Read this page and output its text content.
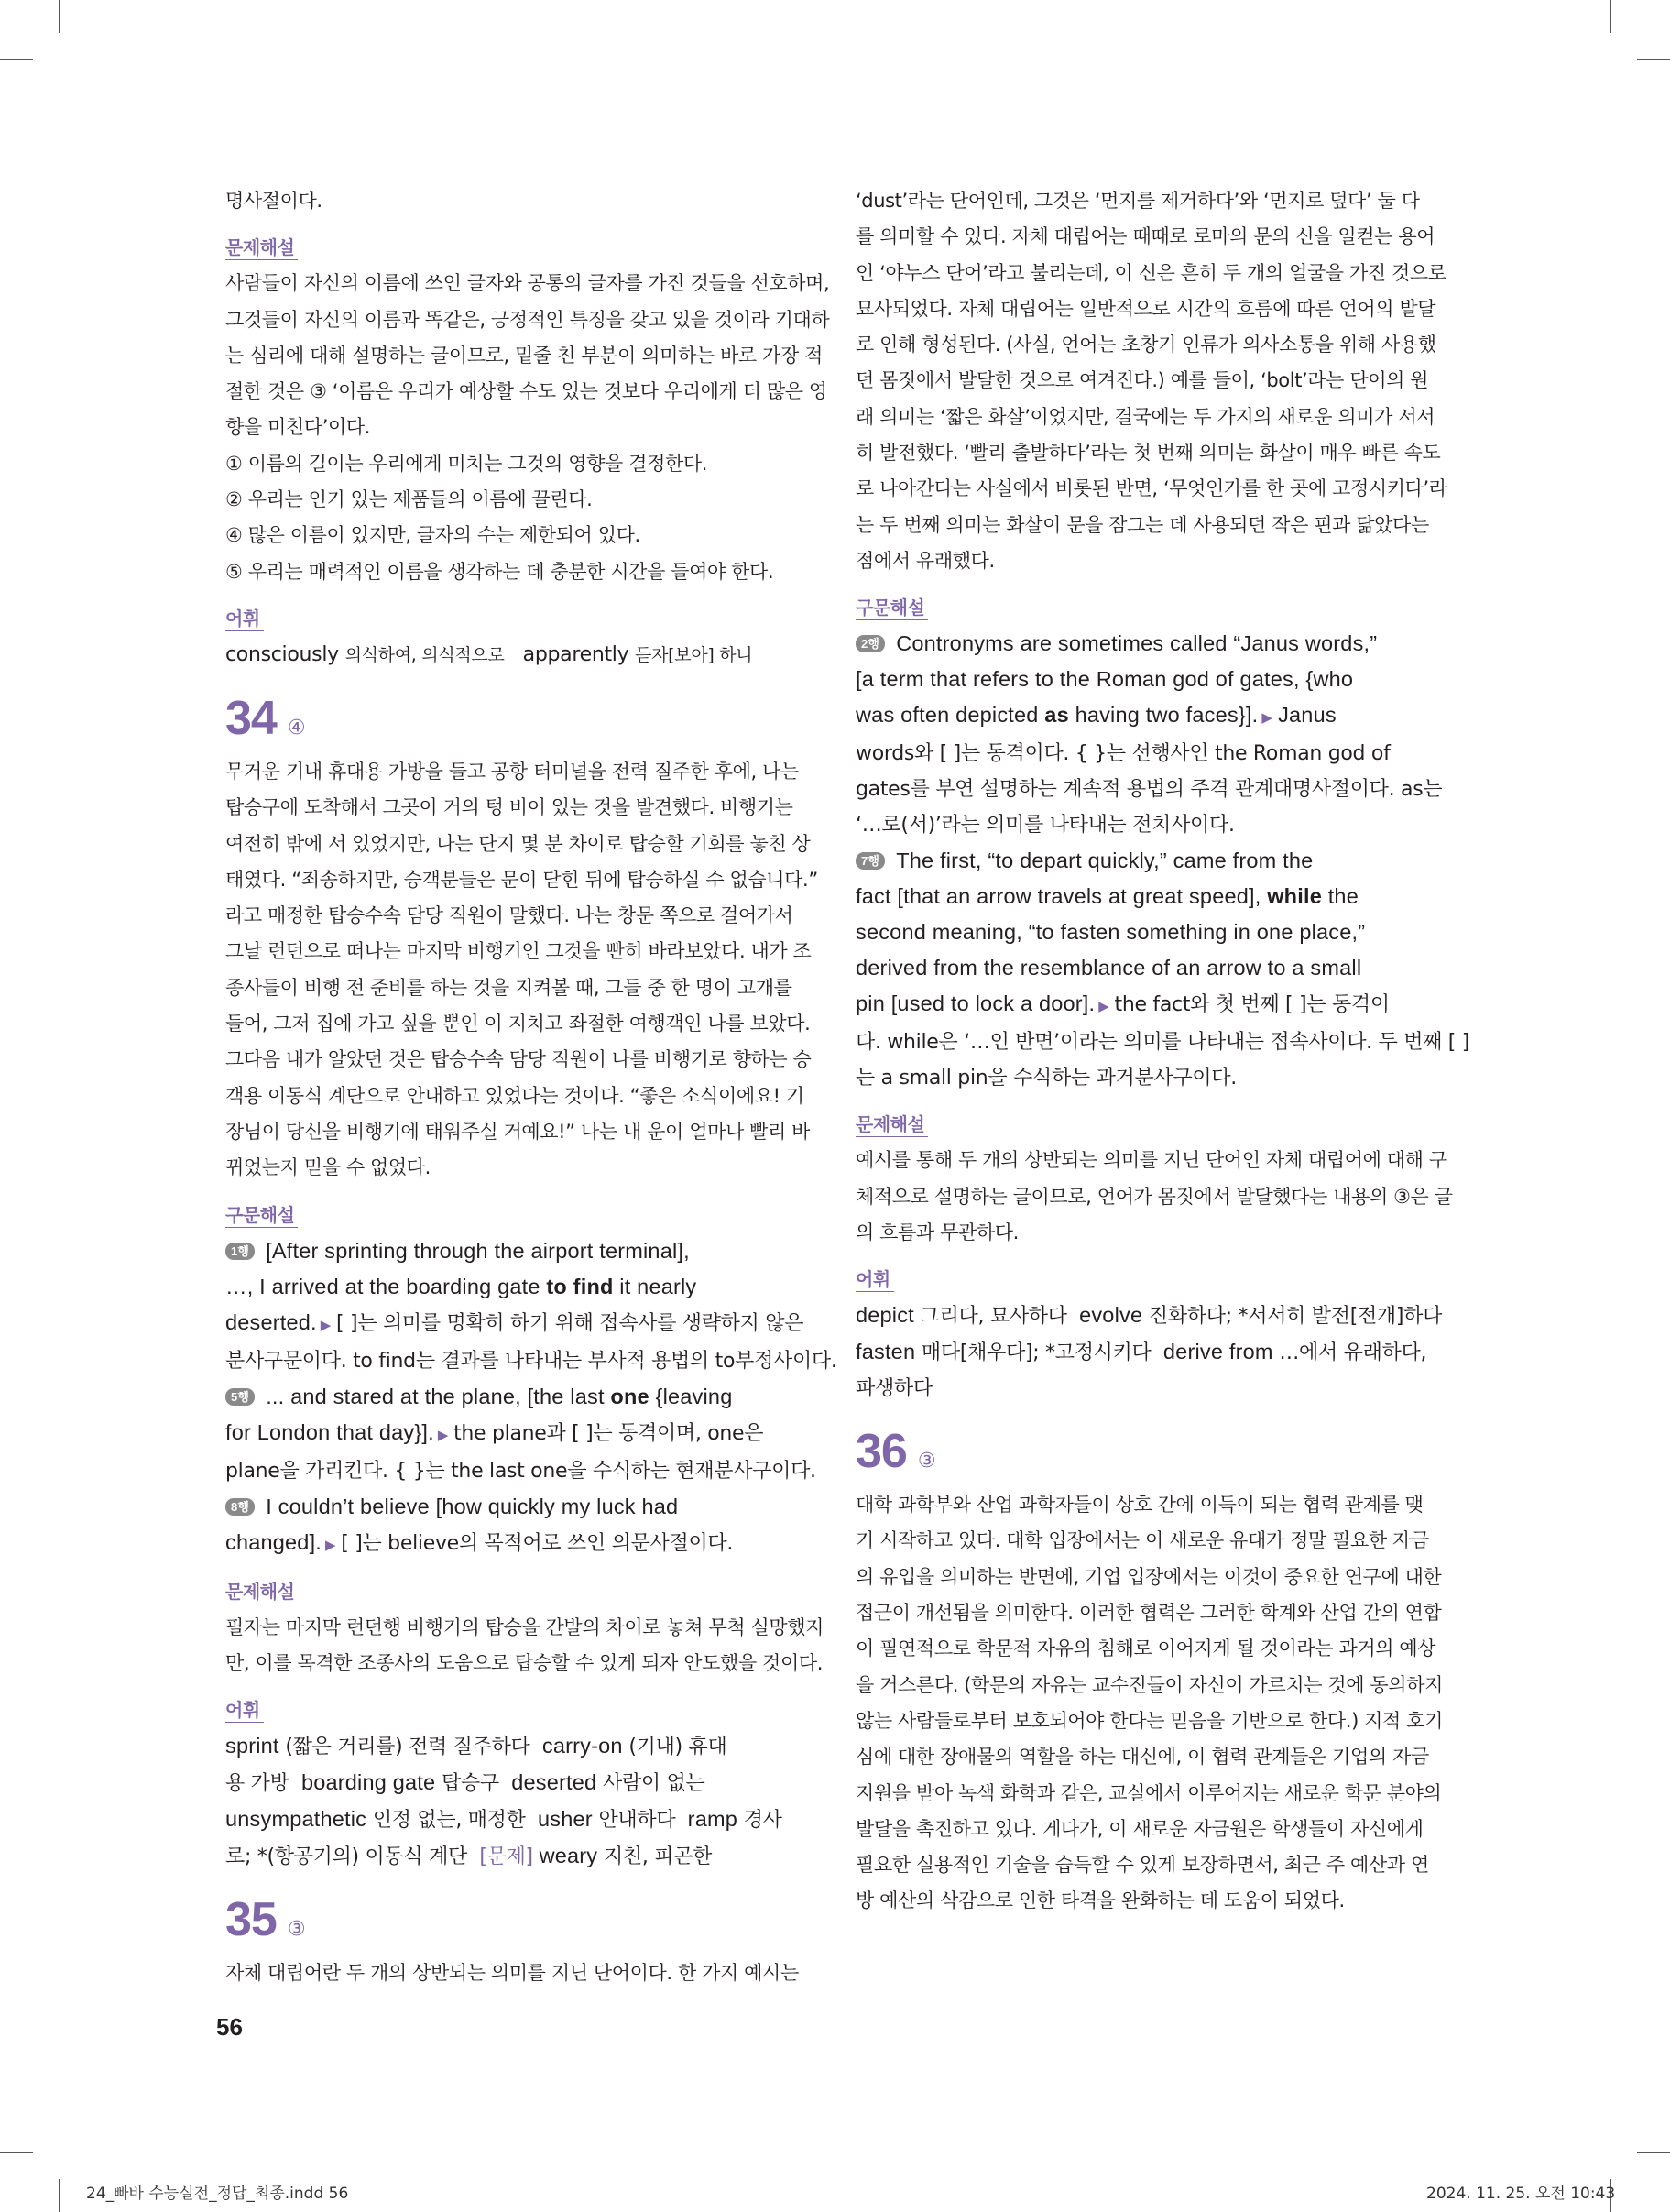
명사절이다.

문제해설

사람들이 자신의 이름에 쓰인 글자와 공통의 글자를 가진 것들을 선호하며,

그것들이 자신의 이름과 똑같은, 긍정적인 특징을 갖고 있을 것이라 기대하

는 심리에 대해 설명하는 글이므로, 밑줄 친 부분이 의미하는 바로 가장 적

절한 것은 ③ ‘이름은 우리가 예상할 수도 있는 것보다 우리에게 더 많은 영

향을 미친다’이다.

① 이름의 길이는 우리에게 미치는 그것의 영향을 결정한다.

② 우리는 인기 있는 제품들의 이름에 끌린다.

④ 많은 이름이 있지만, 글자의 수는 제한되어 있다.

⑤ 우리는 매력적인 이름을 생각하는 데 충분한 시간을 들여야 한다.

어휘

consciously 의식하여, 의식적으로 apparently 듣자[보아] 하니

34 ④

무거운 기내 휴대용 가방을 들고 공항 터미널을 전력 질주한 후에, 나는

탑승구에 도착해서 그곳이 거의 텅 비어 있는 것을 발견했다. 비행기는

여전히 밖에 서 있었지만, 나는 단지 몇 분 차이로 탑승할 기회를 놓친 상

태였다. “죄송하지만, 승객분들은 문이 닫힌 뒤에 탑승하실 수 없습니다.”

라고 매정한 탑승수속 담당 직원이 말했다. 나는 창문 쪽으로 걸어가서

그날 런던으로 떠나는 마지막 비행기인 그것을 빤히 바라보았다. 내가 조

종사들이 비행 전 준비를 하는 것을 지켜볼 때, 그들 중 한 명이 고개를

들어, 그저 집에 가고 싶을 뿐인 이 지치고 좌절한 여행객인 나를 보았다.

그다음 내가 알았던 것은 탑승수속 담당 직원이 나를 비행기로 향하는 승

객용 이동식 계단으로 안내하고 있었다는 것이다. “좋은 소식이에요! 기

장님이 당신을 비행기에 태워주실 거예요!” 나는 내 운이 얼마나 빨리 바

뀌었는지 믿을 수 없었다.

구문해설

1행 [After sprinting through the airport terminal],

…, I arrived at the boarding gate to find it nearly

deserted. ▶ [ ]는 의미를 명확히 하기 위해 접속사를 생략하지 않은

분사구문이다. to find는 결과를 나타내는 부사적 용법의 to부정사이다.

5행 ... and stared at the plane, [the last one {leaving

for London that day}]. ▶ the plane과 [ ]는 동격이며, one은

plane을 가리킨다. { }는 the last one을 수식하는 현재분사구이다.

8행 I couldn’t believe [how quickly my luck had

changed]. ▶ [ ]는 believe의 목적어로 쓰인 의문사절이다.

문제해설

필자는 마지막 런던행 비행기의 탑승을 간발의 차이로 놓쳐 무척 실망했지

만, 이를 목격한 조종사의 도움으로 탑승할 수 있게 되자 안도했을 것이다.

어휘

sprint (짧은 거리를) 전력 질주하다 carry-on (기내) 휴대

용 가방 boarding gate 탑승구 deserted 사람이 없는

unsympathetic 인정 없는, 매정한 usher 안내하다 ramp 경사

로; *(항공기의) 이동식 계단 [문제] weary 지친, 피곤한

35 ③

자체 대립어란 두 개의 상반되는 의미를 지닌 단어이다. 한 가지 예시는

‘dust’라는 단어인데, 그것은 ‘먼지를 제거하다’와 ‘먼지로 덮다’ 둘 다

를 의미할 수 있다. 자체 대립어는 때때로 로마의 문의 신을 일컫는 용어

인 ‘야누스 단어’라고 불리는데, 이 신은 흔히 두 개의 얼굴을 가진 것으로

묘사되었다. 자체 대립어는 일반적으로 시간의 흐름에 따른 언어의 발달

로 인해 형성된다. (사실, 언어는 초창기 인류가 의사소통을 위해 사용했

던 몸짓에서 발달한 것으로 여겨진다.) 예를 들어, ‘bolt’라는 단어의 원

래 의미는 ‘짧은 화살’이었지만, 결국에는 두 가지의 새로운 의미가 서서

히 발전했다. ‘빨리 출발하다’라는 첫 번째 의미는 화살이 매우 빠른 속도

로 나아간다는 사실에서 비롯된 반면, ‘무엇인가를 한 곳에 고정시키다’라

는 두 번째 의미는 화살이 문을 잠그는 데 사용되던 작은 핀과 닮았다는

점에서 유래했다.

구문해설

2행 Contronyms are sometimes called “Janus words,”

[a term that refers to the Roman god of gates, {who

was often depicted as having two faces}]. ▶ Janus

words와 [ ]는 동격이다. { }는 선행사인 the Roman god of

gates를 부연 설명하는 계속적 용법의 주격 관계대명사절이다. as는

‘…로(서)’라는 의미를 나타내는 전치사이다.

7행 The first, “to depart quickly,” came from the

fact [that an arrow travels at great speed], while the

second meaning, “to fasten something in one place,”

derived from the resemblance of an arrow to a small

pin [used to lock a door]. ▶ the fact와 첫 번째 [ ]는 동격이

다. while은 ‘…인 반면’이라는 의미를 나타내는 접속사이다. 두 번째 [ ]

는 a small pin을 수식하는 과거분사구이다.

문제해설

예시를 통해 두 개의 상반되는 의미를 지닌 단어인 자체 대립어에 대해 구

체적으로 설명하는 글이므로, 언어가 몸짓에서 발달했다는 내용의 ③은 글

의 흐름과 무관하다.

어휘

depict 그리다, 묘사하다 evolve 진화하다; *서서히 발전[전개]하다

fasten 매다[채우다]; *고정시키다 derive from …에서 유래하다,

파생하다

36 ③

대학 과학부와 산업 과학자들이 상호 간에 이득이 되는 협력 관계를 맺

기 시작하고 있다. 대학 입장에서는 이 새로운 유대가 정말 필요한 자금

의 유입을 의미하는 반면에, 기업 입장에서는 이것이 중요한 연구에 대한

접근이 개선됨을 의미한다. 이러한 협력은 그러한 학계와 산업 간의 연합

이 필연적으로 학문적 자유의 침해로 이어지게 될 것이라는 과거의 예상

을 거스른다. (학문의 자유는 교수진들이 자신이 가르치는 것에 동의하지

않는 사람들로부터 보호되어야 한다는 믿음을 기반으로 한다.) 지적 호기

심에 대한 장애물의 역할을 하는 대신에, 이 협력 관계들은 기업의 자금

지원을 받아 녹색 화학과 같은, 교실에서 이루어지는 새로운 학문 분야의

발달을 촉진하고 있다. 게다가, 이 새로운 자금원은 학생들이 자신에게

필요한 실용적인 기술을 습득할 수 있게 보장하면서, 최근 주 예산과 연

방 예산의 삭감으로 인한 타격을 완화하는 데 도움이 되었다.

56
24_빠바 수능실전_정답_최종.indd 56	2024. 11. 25. 오전 10:43
